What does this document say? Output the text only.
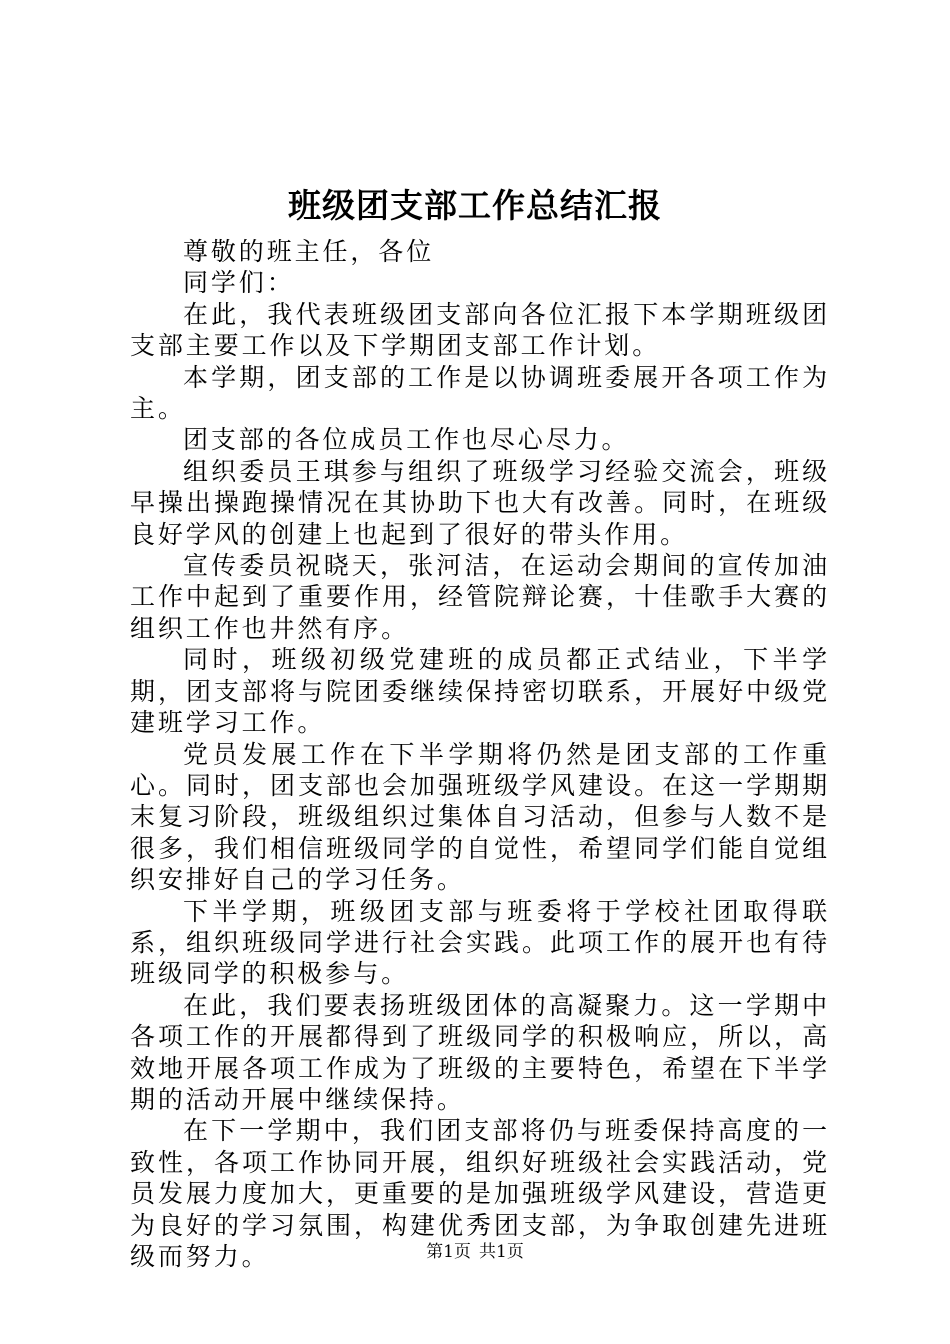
班级团支部工作总结汇报

尊敬的班主任，各位

同学们：

在此，我代表班级团支部向各位汇报下本学期班级团支部主要工作以及下学期团支部工作计划。

本学期，团支部的工作是以协调班委展开各项工作为主。

团支部的各位成员工作也尽心尽力。

组织委员王琪参与组织了班级学习经验交流会，班级早操出操跑操情况在其协助下也大有改善。同时，在班级良好学风的创建上也起到了很好的带头作用。

宣传委员祝晓天，张河洁，在运动会期间的宣传加油工作中起到了重要作用，经管院辩论赛，十佳歌手大赛的组织工作也井然有序。

同时，班级初级党建班的成员都正式结业，下半学期，团支部将与院团委继续保持密切联系，开展好中级党建班学习工作。

党员发展工作在下半学期将仍然是团支部的工作重心。同时，团支部也会加强班级学风建设。在这一学期期末复习阶段，班级组织过集体自习活动，但参与人数不是很多，我们相信班级同学的自觉性，希望同学们能自觉组织安排好自己的学习任务。

下半学期，班级团支部与班委将于学校社团取得联系，组织班级同学进行社会实践。此项工作的展开也有待班级同学的积极参与。

在此，我们要表扬班级团体的高凝聚力。这一学期中各项工作的开展都得到了班级同学的积极响应，所以，高效地开展各项工作成为了班级的主要特色，希望在下半学期的活动开展中继续保持。

在下一学期中，我们团支部将仍与班委保持高度的一致性，各项工作协同开展，组织好班级社会实践活动，党员发展力度加大，更重要的是加强班级学风建设，营造更为良好的学习氛围，构建优秀团支部，为争取创建先进班级而努力。	第1页 共1页
